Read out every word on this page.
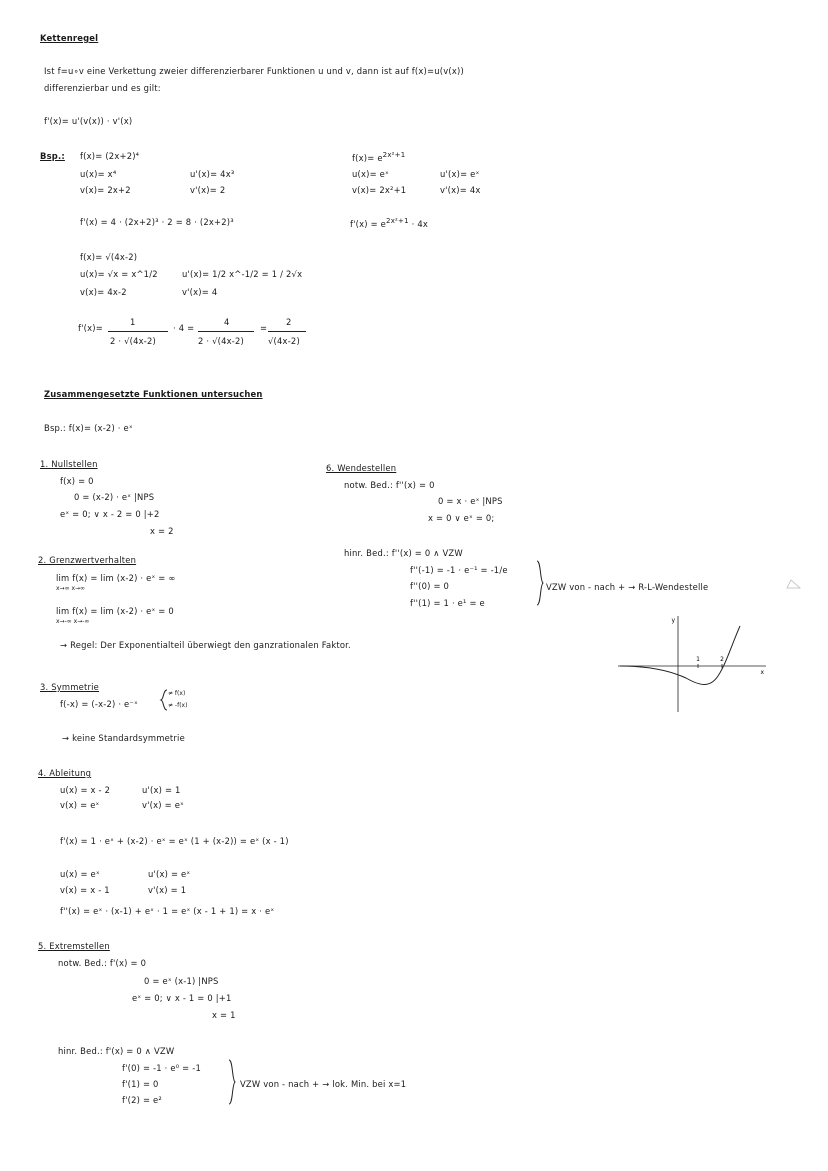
Kettenregel
Ist f=u∘v eine Verkettung zweier differenzierbarer Funktionen u und v, dann ist auf f(x)=u(v(x))
differenzierbar und es gilt:
f'(x)= u'(v(x)) · v'(x)
Bsp.: f(x)= (2x+2)⁴
u(x)= x⁴	u'(x)= 4x³
v(x)= 2x+2	v'(x)= 2
f'(x) = 4 · (2x+2)³ · 2 = 8 · (2x+2)³
$f(x)= e^{2x^2+1}$
u(x)= eˣ	u'(x)= eˣ
v(x)= 2x²+1	v'(x)= 4x
$f'(x) = e^{2x^2+1} \cdot 4x$
f(x)= √(4x-2)
u(x)= √x = x^1/2	u'(x)= 1/2 x^-1/2 = 1 / 2√x
v(x)= 4x-2	v'(x)= 4
f'(x)=
1
2 · √(4x-2)
· 4 =
4
2 · √(4x-2)
=
2
√(4x-2)
Zusammengesetzte Funktionen untersuchen
Bsp.: f(x)= (x-2) · eˣ
1. Nullstellen
f(x) = 0
0 = (x-2) · eˣ |NPS
eˣ = 0; ∨ x - 2 = 0 |+2
x = 2
2. Grenzwertverhalten
lim f(x) = lim (x-2) · eˣ = ∞
x→∞ x→∞
lim f(x) = lim (x-2) · eˣ = 0
x→-∞ x→-∞
→ Regel: Der Exponentialteil überwiegt den ganzrationalen Faktor.
3. Symmetrie
f(-x) = (-x-2) · e⁻ˣ
≠ f(x)
≠ -f(x)
→ keine Standardsymmetrie
4. Ableitung
u(x) = x - 2	u'(x) = 1
v(x) = eˣ	v'(x) = eˣ
f'(x) = 1 · eˣ + (x-2) · eˣ = eˣ (1 + (x-2)) = eˣ (x - 1)
u(x) = eˣ	u'(x) = eˣ
v(x) = x - 1	v'(x) = 1
f''(x) = eˣ · (x-1) + eˣ · 1 = eˣ (x - 1 + 1) = x · eˣ
5. Extremstellen
notw. Bed.: f'(x) = 0
0 = eˣ (x-1) |NPS
eˣ = 0; ∨ x - 1 = 0 |+1
x = 1
hinr. Bed.: f'(x) = 0 ∧ VZW
f'(0) = -1 · e⁰ = -1
f'(1) = 0
f'(2) = e²
VZW von - nach + → lok. Min. bei x=1
6. Wendestellen
notw. Bed.: f''(x) = 0
0 = x · eˣ |NPS
x = 0 ∨ eˣ = 0;
hinr. Bed.: f''(x) = 0 ∧ VZW
f''(-1) = -1 · e⁻¹ = -1/e
f''(0) = 0
f''(1) = 1 · e¹ = e
VZW von - nach + → R-L-Wendestelle
1	2
y
x
